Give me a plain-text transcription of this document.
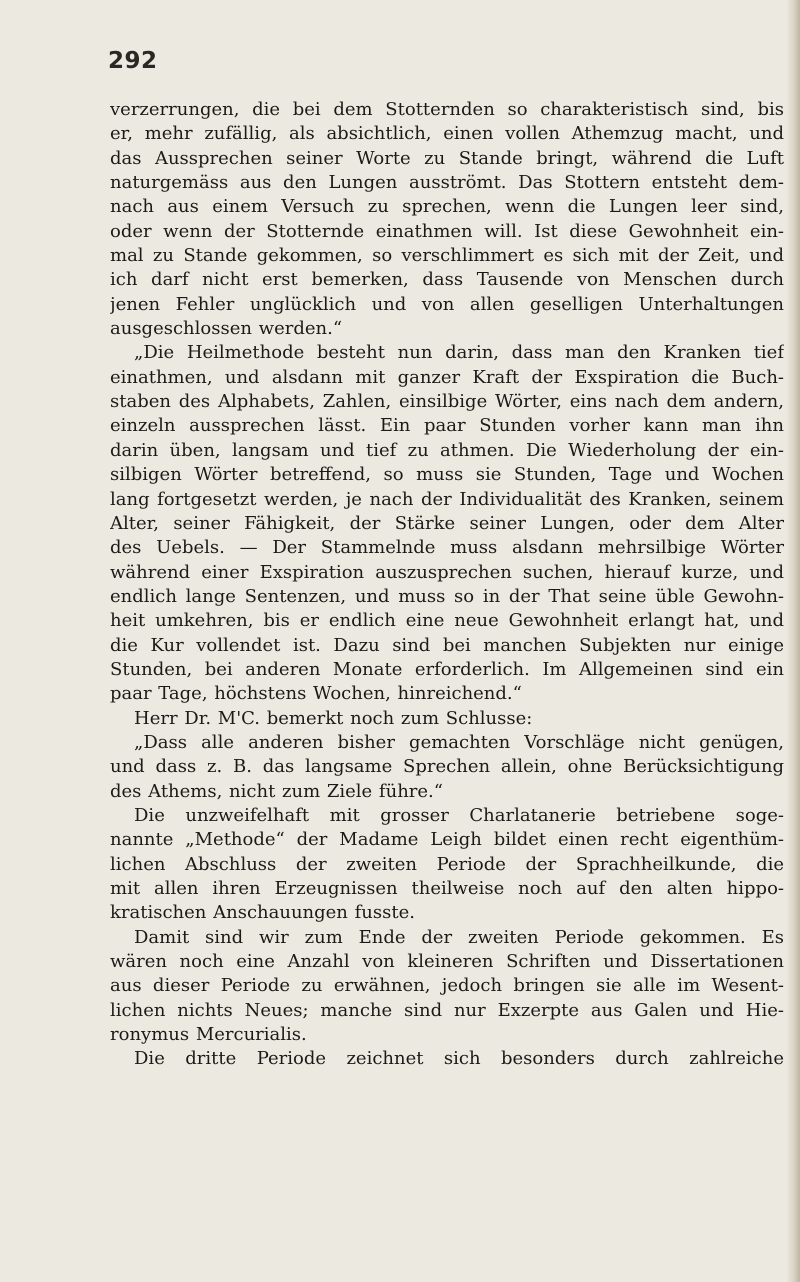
292

verzerrungen, die bei dem Stotternden so charakteristisch sind, bis
er, mehr zufällig, als absichtlich, einen vollen Athemzug macht, und
das Aussprechen seiner Worte zu Stande bringt, während die Luft
naturgemäss aus den Lungen ausströmt. Das Stottern entsteht dem-
nach aus einem Versuch zu sprechen, wenn die Lungen leer sind,
oder wenn der Stotternde einathmen will. Ist diese Gewohnheit ein-
mal zu Stande gekommen, so verschlimmert es sich mit der Zeit, und
ich darf nicht erst bemerken, dass Tausende von Menschen durch
jenen Fehler unglücklich und von allen geselligen Unterhaltungen
ausgeschlossen werden.“
„Die Heilmethode besteht nun darin, dass man den Kranken tief
einathmen, und alsdann mit ganzer Kraft der Exspiration die Buch-
staben des Alphabets, Zahlen, einsilbige Wörter, eins nach dem andern,
einzeln aussprechen lässt. Ein paar Stunden vorher kann man ihn
darin üben, langsam und tief zu athmen. Die Wiederholung der ein-
silbigen Wörter betreffend, so muss sie Stunden, Tage und Wochen
lang fortgesetzt werden, je nach der Individualität des Kranken, seinem
Alter, seiner Fähigkeit, der Stärke seiner Lungen, oder dem Alter
des Uebels. — Der Stammelnde muss alsdann mehrsilbige Wörter
während einer Exspiration auszusprechen suchen, hierauf kurze, und
endlich lange Sentenzen, und muss so in der That seine üble Gewohn-
heit umkehren, bis er endlich eine neue Gewohnheit erlangt hat, und
die Kur vollendet ist. Dazu sind bei manchen Subjekten nur einige
Stunden, bei anderen Monate erforderlich. Im Allgemeinen sind ein
paar Tage, höchstens Wochen, hinreichend.“
Herr Dr. M'C. bemerkt noch zum Schlusse:
„Dass alle anderen bisher gemachten Vorschläge nicht genügen,
und dass z. B. das langsame Sprechen allein, ohne Berücksichtigung
des Athems, nicht zum Ziele führe.“
Die unzweifelhaft mit grosser Charlatanerie betriebene soge-
nannte „Methode“ der Madame Leigh bildet einen recht eigenthüm-
lichen Abschluss der zweiten Periode der Sprachheilkunde, die
mit allen ihren Erzeugnissen theilweise noch auf den alten hippo-
kratischen Anschauungen fusste.
Damit sind wir zum Ende der zweiten Periode gekommen. Es
wären noch eine Anzahl von kleineren Schriften und Dissertationen
aus dieser Periode zu erwähnen, jedoch bringen sie alle im Wesent-
lichen nichts Neues; manche sind nur Exzerpte aus Galen und Hie-
ronymus Mercurialis.
Die dritte Periode zeichnet sich besonders durch zahlreiche
